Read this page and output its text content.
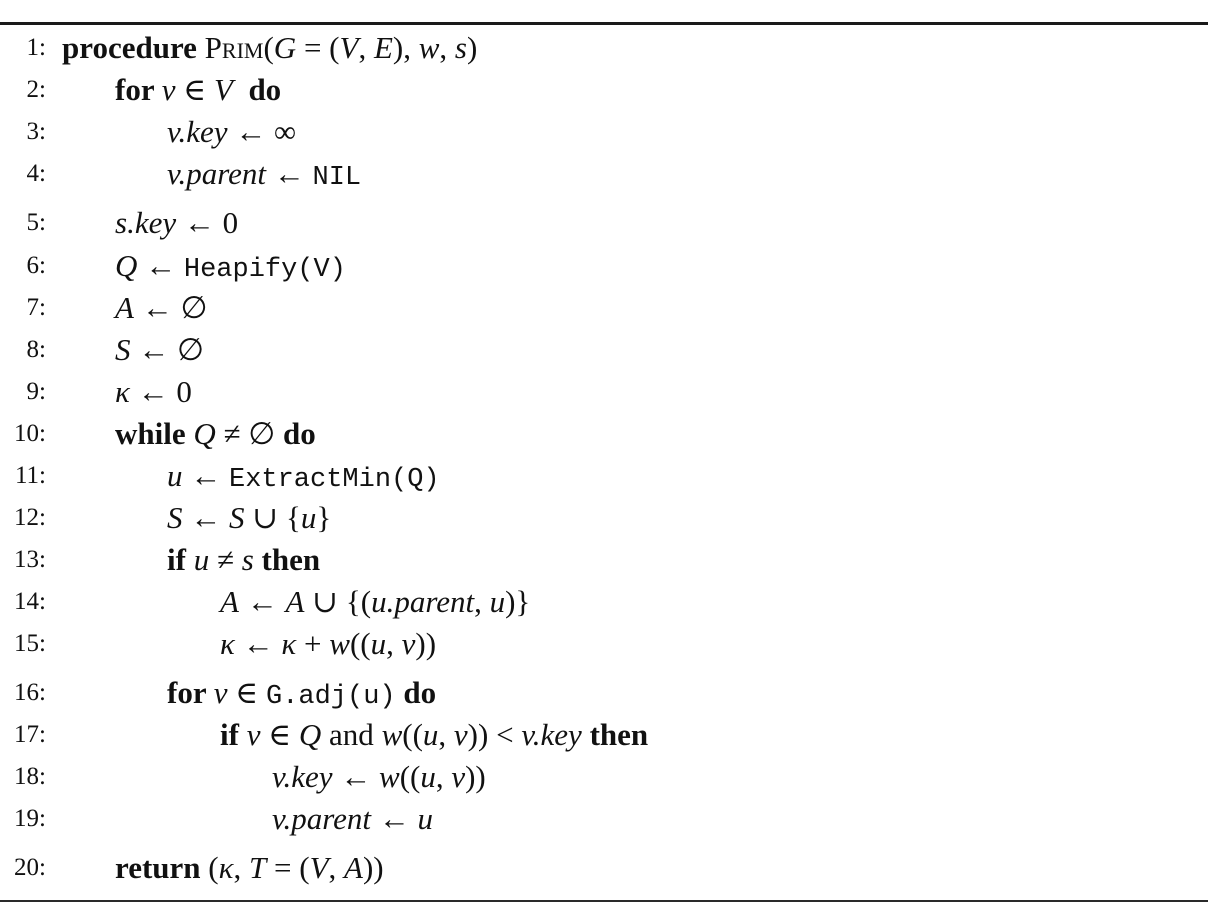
1: procedure Prim(G = (V, E), w, s)
2: for v ∈ V  do
3:	v.key ← ∞
4:	v.parent ← NIL
5: s.key ← 0
6: Q ← Heapify(V)
7: A ← ∅
8: S ← ∅
9: κ ← 0
10: while Q ≠ ∅ do
11:	u ← ExtractMin(Q)
12:	S ← S ∪ {u}
13:	if u ≠ s then
14:	A ← A ∪ {(u.parent, u)}
15:	κ ← κ + w((u, v))
16:	for v ∈ G.adj(u) do
17:	if v ∈ Q and w((u, v)) < v.key then
18:	v.key ← w((u, v))
19:	v.parent ← u
20: return (κ, T = (V, A))
